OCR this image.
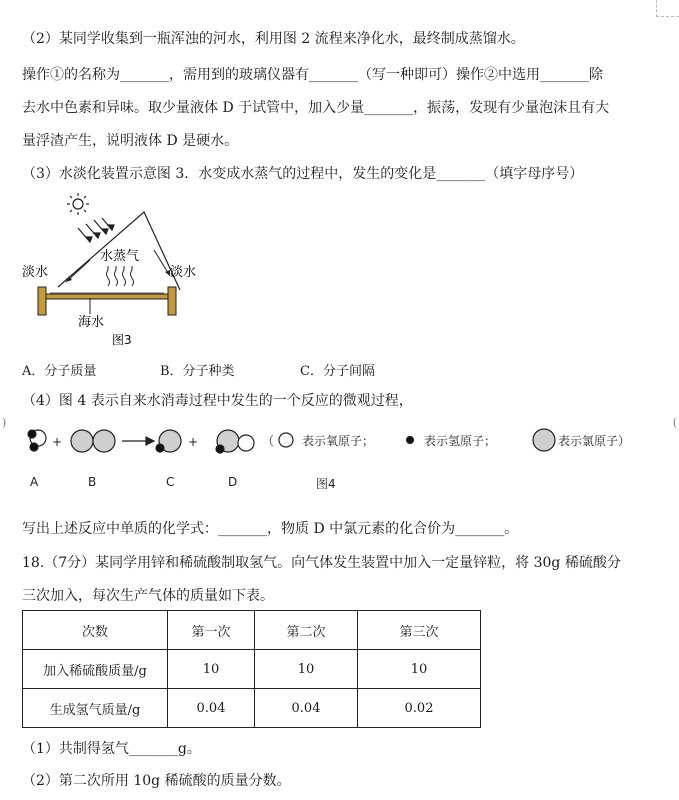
)	(
（2）某同学收集到一瓶浑浊的河水，利用图 2 流程来净化水，最终制成蒸馏水。
操作①的名称为_______，需用到的玻璃仪器有_______（写一种即可）操作②中选用_______除
去水中色素和异味。取少量液体 D 于试管中，加入少量_______，振荡，发现有少量泡沫且有大
量浮渣产生，说明液体 D 是硬水。
（3）水淡化装置示意图 3．水变成水蒸气的过程中，发生的变化是_______（填字母序号）
淡水
水蒸气
淡水
海水
图3
A．分子质量	B．分子种类	C．分子间隔
（4）图 4 表示自来水消毒过程中发生的一个反应的微观过程，
+	+	（ 表示氧原子；	表示氢原子；	表示氯原子）
A	B	C	D	图4
写出上述反应中单质的化学式：_______，物质 D 中氯元素的化合价为_______。
18.（7分）某同学用锌和稀硫酸制取氢气。向气体发生装置中加入一定量锌粒，将 30g 稀硫酸分
三次加入，每次生产气体的质量如下表。
次数	第一次	第二次	第三次
加入稀硫酸质量/g	10	10	10
生成氢气质量/g	0.04	0.04	0.02
（1）共制得氢气_______g。
（2）第二次所用 10g 稀硫酸的质量分数。
